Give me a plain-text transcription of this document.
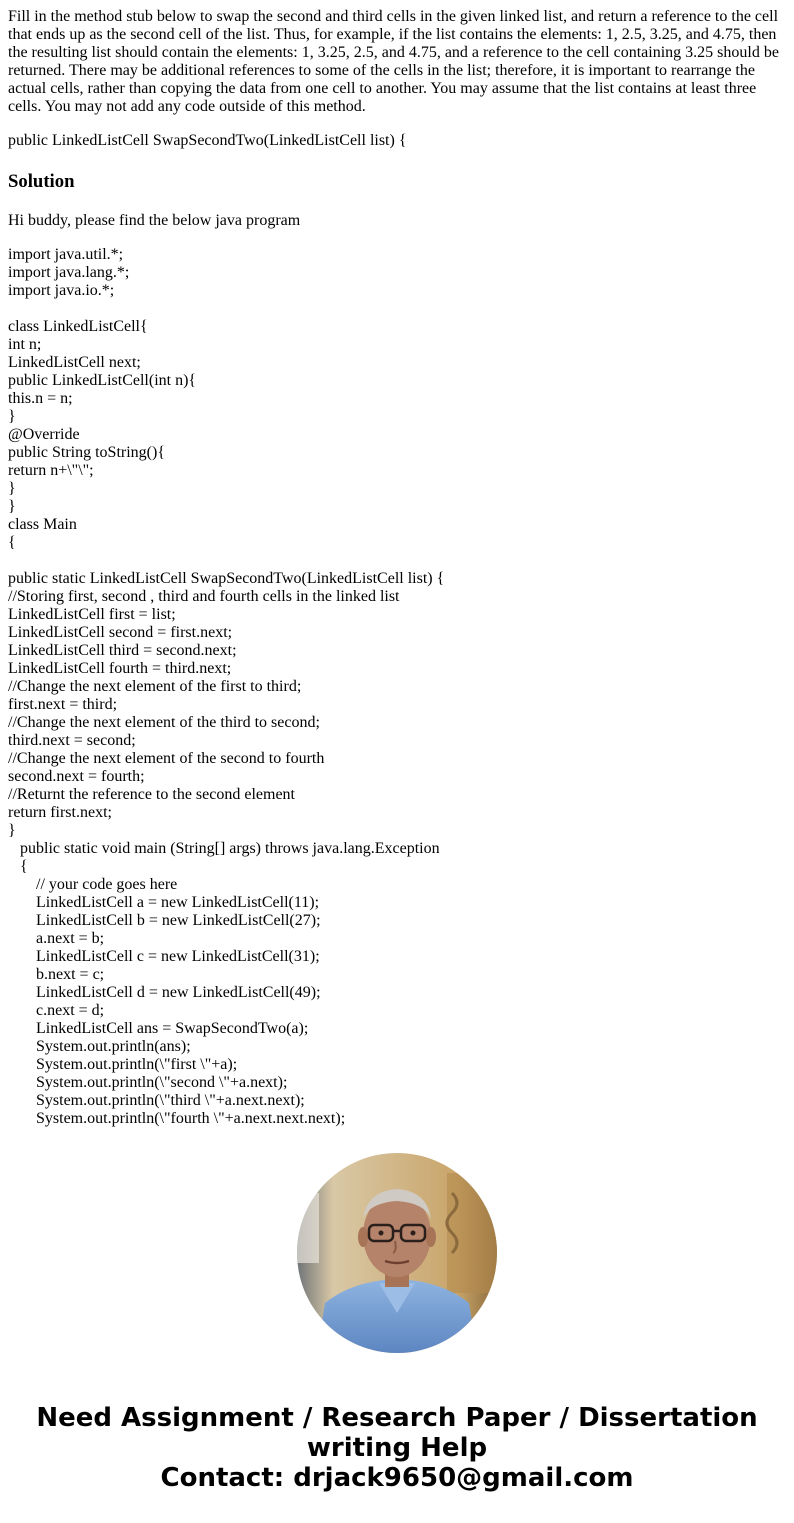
Fill in the method stub below to swap the second and third cells in the given linked list, and return a reference to the cell that ends up as the second cell of the list. Thus, for example, if the list contains the elements: 1, 2.5, 3.25, and 4.75, then the resulting list should contain the elements: 1, 3.25, 2.5, and 4.75, and a reference to the cell containing 3.25 should be returned. There may be additional references to some of the cells in the list; therefore, it is important to rearrange the actual cells, rather than copying the data from one cell to another. You may assume that the list contains at least three cells. You may not add any code outside of this method.

public LinkedListCell SwapSecondTwo(LinkedListCell list) {

Solution

Hi buddy, please find the below java program

import java.util.*;
import java.lang.*;
import java.io.*;
class LinkedListCell{
int n;
LinkedListCell next;
public LinkedListCell(int n){
this.n = n;
}
@Override
public String toString(){
return n+\"\";
}
}
class Main
{
public static LinkedListCell SwapSecondTwo(LinkedListCell list) {
//Storing first, second , third and fourth cells in the linked list
LinkedListCell first = list;
LinkedListCell second = first.next;
LinkedListCell third = second.next;
LinkedListCell fourth = third.next;
//Change the next element of the first to third;
first.next = third;
//Change the next element of the third to second;
third.next = second;
//Change the next element of the second to fourth
second.next = fourth;
//Returnt the reference to the second element
return first.next;
}
public static void main (String[] args) throws java.lang.Exception
{
// your code goes here
LinkedListCell a = new LinkedListCell(11);
LinkedListCell b = new LinkedListCell(27);
a.next = b;
LinkedListCell c = new LinkedListCell(31);
b.next = c;
LinkedListCell d = new LinkedListCell(49);
c.next = d;
LinkedListCell ans = SwapSecondTwo(a);
System.out.println(ans);
System.out.println(\"first \"+a);
System.out.println(\"second \"+a.next);
System.out.println(\"third \"+a.next.next);
System.out.println(\"fourth \"+a.next.next.next);
Need Assignment / Research Paper / Dissertation
writing Help
Contact: drjack9650@gmail.com
